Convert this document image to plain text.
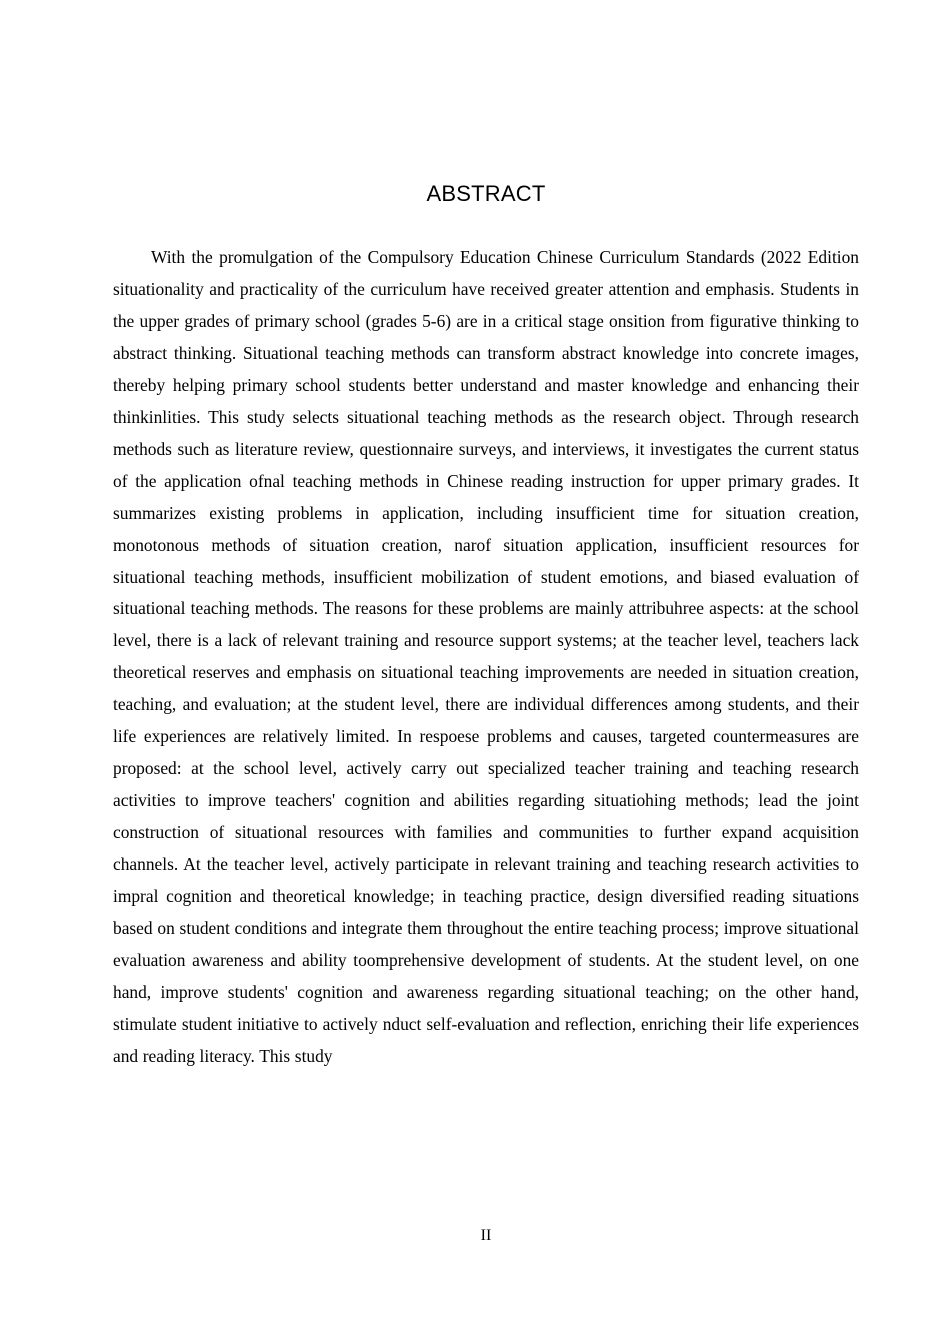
ABSTRACT

With the promulgation of the Compulsory Education Chinese Curriculum Standards (2022 Edition situationality and practicality of the curriculum have received greater attention and emphasis. Students in the upper grades of primary school (grades 5-6) are in a critical stage onsition from figurative thinking to abstract thinking. Situational teaching methods can transform abstract knowledge into concrete images, thereby helping primary school students better understand and master knowledge and enhancing their thinkinlities. This study selects situational teaching methods as the research object. Through research methods such as literature review, questionnaire surveys, and interviews, it investigates the current status of the application ofnal teaching methods in Chinese reading instruction for upper primary grades. It summarizes existing problems in application, including insufficient time for situation creation, monotonous methods of situation creation, narof situation application, insufficient resources for situational teaching methods, insufficient mobilization of student emotions, and biased evaluation of situational teaching methods. The reasons for these problems are mainly attribuhree aspects: at the school level, there is a lack of relevant training and resource support systems; at the teacher level, teachers lack theoretical reserves and emphasis on situational teaching improvements are needed in situation creation, teaching, and evaluation; at the student level, there are individual differences among students, and their life experiences are relatively limited. In respoese problems and causes, targeted countermeasures are proposed: at the school level, actively carry out specialized teacher training and teaching research activities to improve teachers' cognition and abilities regarding situatiohing methods; lead the joint construction of situational resources with families and communities to further expand acquisition channels. At the teacher level, actively participate in relevant training and teaching research activities to impral cognition and theoretical knowledge; in teaching practice, design diversified reading situations based on student conditions and integrate them throughout the entire teaching process; improve situational evaluation awareness and ability toomprehensive development of students. At the student level, on one hand, improve students' cognition and awareness regarding situational teaching; on the other hand, stimulate student initiative to actively nduct self-evaluation and reflection, enriching their life experiences and reading literacy. This study

II
